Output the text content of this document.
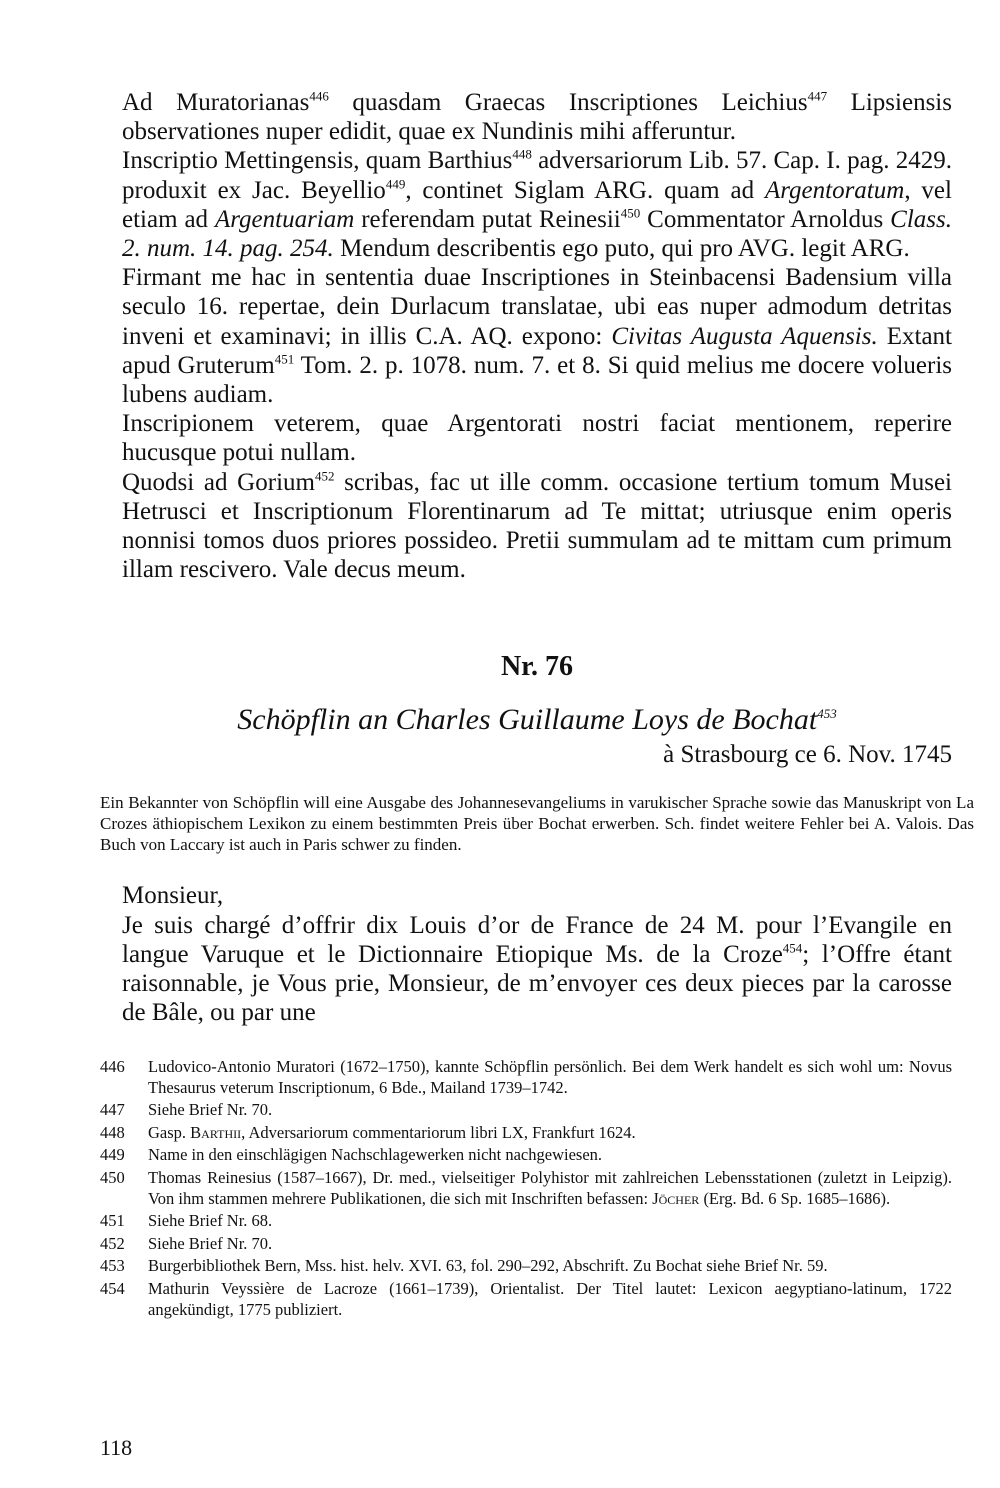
Ad Muratorianas$^{446}$ quasdam Graecas Inscriptiones Leichius$^{447}$ Lipsiensis observationes nuper edidit, quae ex Nundinis mihi afferuntur.

Inscriptio Mettingensis, quam Barthius$^{448}$ adversariorum Lib. 57. Cap. I. pag. 2429. produxit ex Jac. Beyellio$^{449}$, continet Siglam ARG. quam ad Argentoratum, vel etiam ad Argentuariam referendam putat Reinesii$^{450}$ Commentator Arnoldus Class. 2. num. 14. pag. 254. Mendum describentis ego puto, qui pro AVG. legit ARG.

Firmant me hac in sententia duae Inscriptiones in Steinbacensi Badensium villa seculo 16. repertae, dein Durlacum translatae, ubi eas nuper admodum detritas inveni et examinavi; in illis C.A. AQ. expono: Civitas Augusta Aquensis. Extant apud Gruterum$^{451}$ Tom. 2. p. 1078. num. 7. et 8. Si quid melius me docere volueris lubens audiam.

Inscripionem veterem, quae Argentorati nostri faciat mentionem, reperire hucusque potui nullam.

Quodsi ad Gorium$^{452}$ scribas, fac ut ille comm. occasione tertium tomum Musei Hetrusci et Inscriptionum Florentinarum ad Te mittat; utriusque enim operis nonnisi tomos duos priores possideo. Pretii summulam ad te mittam cum primum illam rescivero. Vale decus meum.

Nr. 76
Schöpflin an Charles Guillaume Loys de Bochat$^{453}$
à Strasbourg ce 6. Nov. 1745
Ein Bekannter von Schöpflin will eine Ausgabe des Johannesevangeliums in varukischer Sprache sowie das Manuskript von La Crozes äthiopischem Lexikon zu einem bestimmten Preis über Bochat erwerben. Sch. findet weitere Fehler bei A. Valois. Das Buch von Laccary ist auch in Paris schwer zu finden.

Monsieur,

Je suis chargé d’offrir dix Louis d’or de France de 24 M. pour l’Evangile en langue Varuque et le Dictionnaire Etiopique Ms. de la Croze$^{454}$; l’Offre étant raisonnable, je Vous prie, Monsieur, de m’envoyer ces deux pieces par la carosse de Bâle, ou par une

446	Ludovico-Antonio Muratori (1672–1750), kannte Schöpflin persönlich. Bei dem Werk handelt es sich wohl um: Novus Thesaurus veterum Inscriptionum, 6 Bde., Mailand 1739–1742.
447	Siehe Brief Nr. 70.
448	Gasp. Barthii, Adversariorum commentariorum libri LX, Frankfurt 1624.
449	Name in den einschlägigen Nachschlagewerken nicht nachgewiesen.
450	Thomas Reinesius (1587–1667), Dr. med., vielseitiger Polyhistor mit zahlreichen Lebensstationen (zuletzt in Leipzig). Von ihm stammen mehrere Publikationen, die sich mit Inschriften befassen: Jöcher (Erg. Bd. 6 Sp. 1685–1686).
451	Siehe Brief Nr. 68.
452	Siehe Brief Nr. 70.
453	Burgerbibliothek Bern, Mss. hist. helv. XVI. 63, fol. 290–292, Abschrift. Zu Bochat siehe Brief Nr. 59.
454	Mathurin Veyssière de Lacroze (1661–1739), Orientalist. Der Titel lautet: Lexicon aegyptiano-latinum, 1722 angekündigt, 1775 publiziert.
118
